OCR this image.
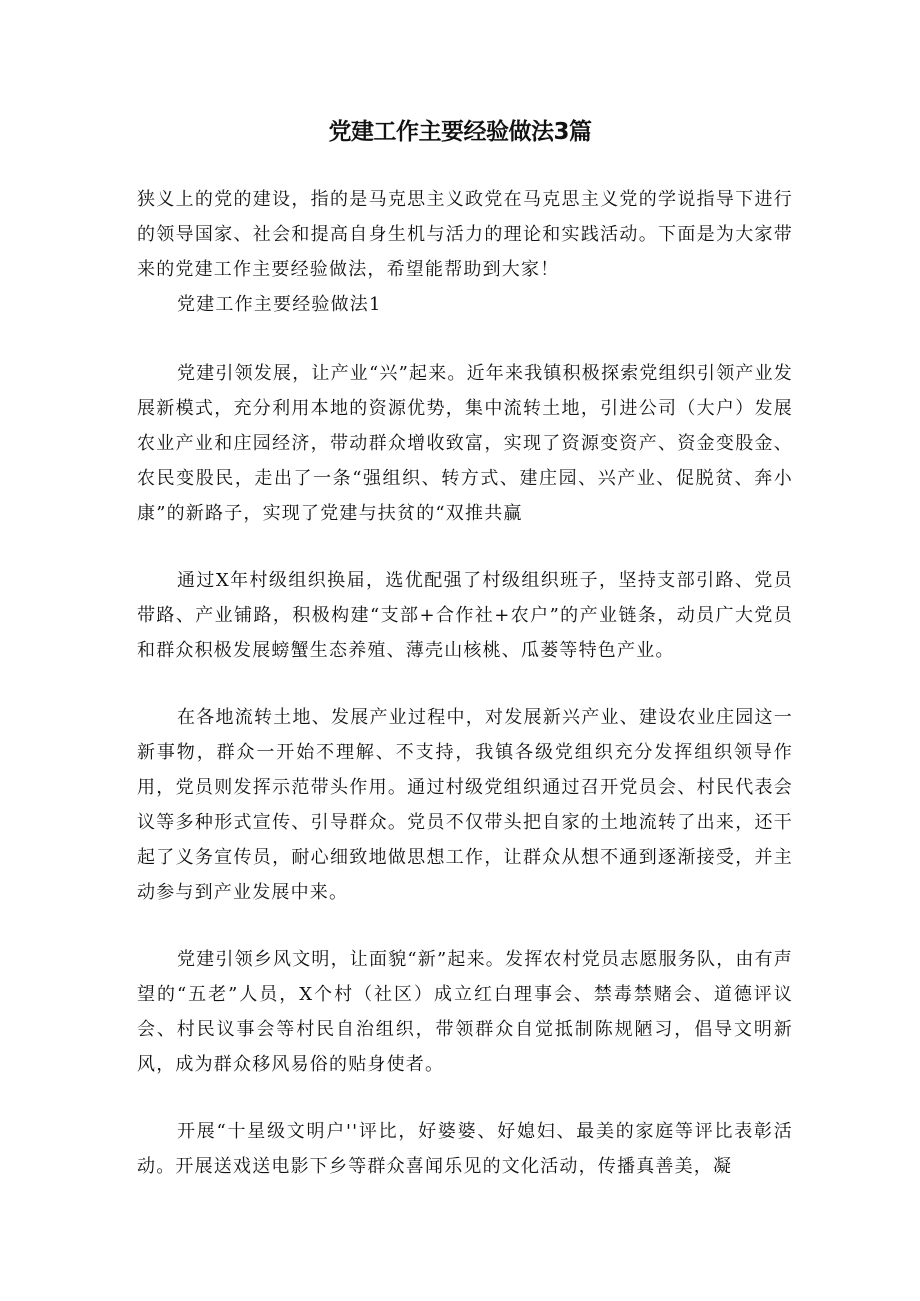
党建工作主要经验做法3篇

狭义上的党的建设，指的是马克思主义政党在马克思主义党的学说指导下进行的领导国家、社会和提高自身生机与活力的理论和实践活动。下面是为大家带来的党建工作主要经验做法，希望能帮助到大家！

党建工作主要经验做法1

党建引领发展，让产业“兴”起来。近年来我镇积极探索党组织引领产业发展新模式，充分利用本地的资源优势，集中流转土地，引进公司（大户）发展农业产业和庄园经济，带动群众增收致富，实现了资源变资产、资金变股金、农民变股民，走出了一条“强组织、转方式、建庄园、兴产业、促脱贫、奔小康”的新路子，实现了党建与扶贫的“双推共赢

通过X年村级组织换届，选优配强了村级组织班子，坚持支部引路、党员带路、产业铺路，积极构建“支部+合作社+农户”的产业链条，动员广大党员和群众积极发展螃蟹生态养殖、薄壳山核桃、瓜蒌等特色产业。

在各地流转土地、发展产业过程中，对发展新兴产业、建设农业庄园这一新事物，群众一开始不理解、不支持，我镇各级党组织充分发挥组织领导作用，党员则发挥示范带头作用。通过村级党组织通过召开党员会、村民代表会议等多种形式宣传、引导群众。党员不仅带头把自家的土地流转了出来，还干起了义务宣传员，耐心细致地做思想工作，让群众从想不通到逐渐接受，并主动参与到产业发展中来。

党建引领乡风文明，让面貌“新”起来。发挥农村党员志愿服务队，由有声望的“五老”人员，X个村（社区）成立红白理事会、禁毒禁赌会、道德评议会、村民议事会等村民自治组织，带领群众自觉抵制陈规陋习，倡导文明新风，成为群众移风易俗的贴身使者。

开展“十星级文明户''评比，好婆婆、好媳妇、最美的家庭等评比表彰活动。开展送戏送电影下乡等群众喜闻乐见的文化活动，传播真善美，凝
